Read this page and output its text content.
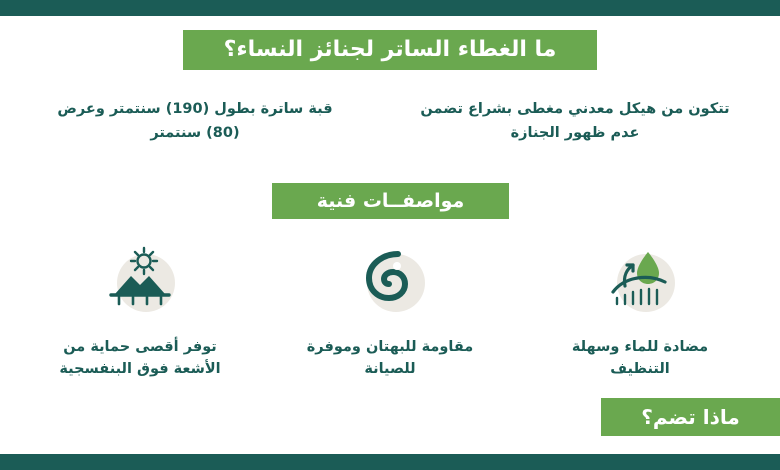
ما الغطاء الساتر لجنائز النساء؟
قبة ساترة بطول (190) سنتمتر وعرض (80) سنتمتر
تتكون من هيكل معدني مغطى بشراع تضمن عدم ظهور الجنازة
مواصفــات فنية
توفر أقصى حماية من الأشعة فوق البنفسجية
مقاومة للبهتان وموفرة للصيانة
مضادة للماء وسهلة التنظيف
ماذا تضم؟
